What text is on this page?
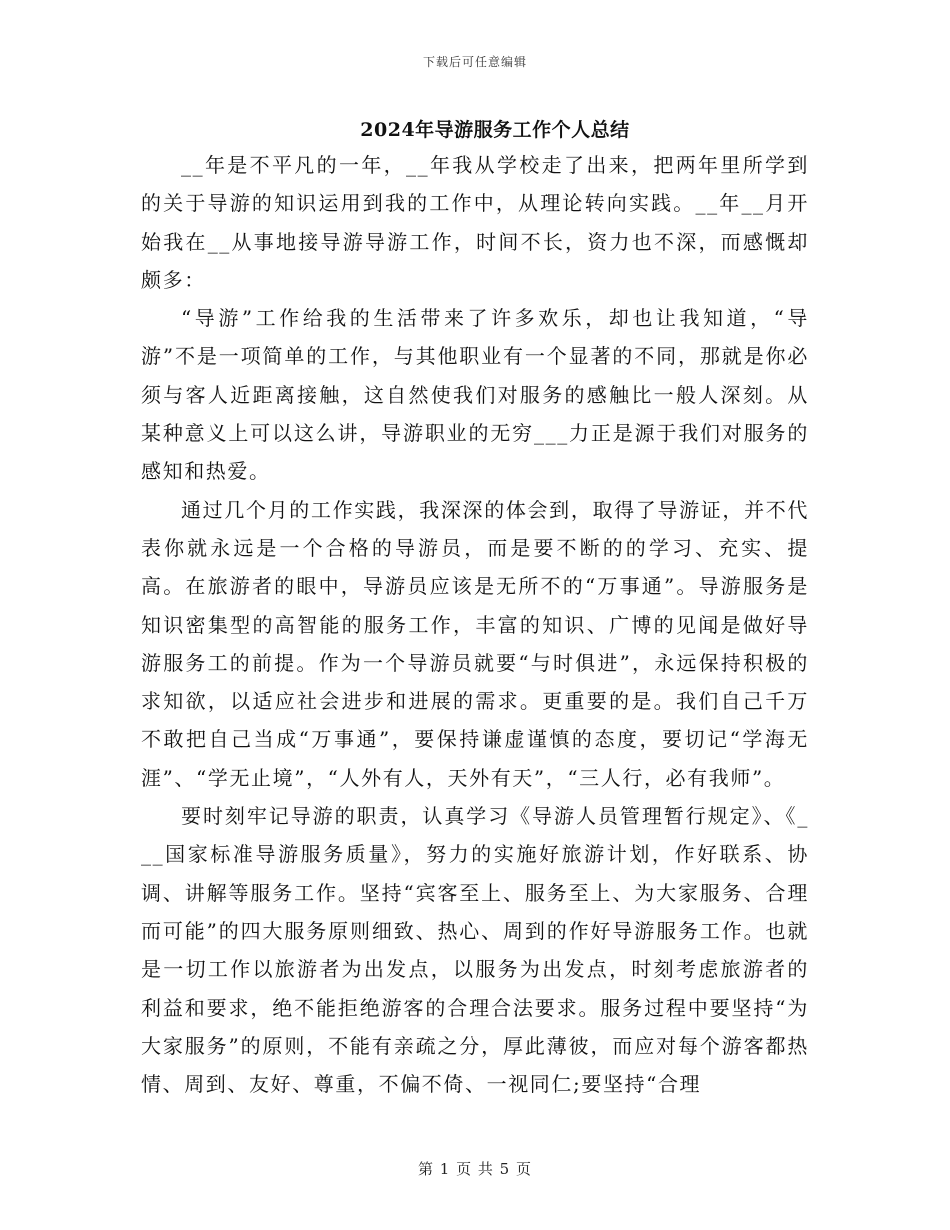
下载后可任意编辑
2024年导游服务工作个人总结

__年是不平凡的一年，__年我从学校走了出来，把两年里所学到的关于导游的知识运用到我的工作中，从理论转向实践。__年__月开始我在__从事地接导游导游工作，时间不长，资力也不深，而感慨却颇多：

“导游”工作给我的生活带来了许多欢乐，却也让我知道，“导游”不是一项简单的工作，与其他职业有一个显著的不同，那就是你必须与客人近距离接触，这自然使我们对服务的感触比一般人深刻。从某种意义上可以这么讲，导游职业的无穷___力正是源于我们对服务的感知和热爱。

通过几个月的工作实践，我深深的体会到，取得了导游证，并不代表你就永远是一个合格的导游员，而是要不断的的学习、充实、提高。在旅游者的眼中，导游员应该是无所不的“万事通”。导游服务是知识密集型的高智能的服务工作，丰富的知识、广博的见闻是做好导游服务工的前提。作为一个导游员就要“与时俱进”，永远保持积极的求知欲，以适应社会进步和进展的需求。更重要的是。我们自己千万不敢把自己当成“万事通”，要保持谦虚谨慎的态度，要切记“学海无涯”、“学无止境”，“人外有人，天外有天”，“三人行，必有我师”。

要时刻牢记导游的职责，认真学习《导游人员管理暂行规定》、《___国家标准导游服务质量》，努力的实施好旅游计划，作好联系、协调、讲解等服务工作。坚持“宾客至上、服务至上、为大家服务、合理而可能”的四大服务原则细致、热心、周到的作好导游服务工作。也就是一切工作以旅游者为出发点，以服务为出发点，时刻考虑旅游者的利益和要求，绝不能拒绝游客的合理合法要求。服务过程中要坚持“为大家服务”的原则，不能有亲疏之分，厚此薄彼，而应对每个游客都热情、周到、友好、尊重，不偏不倚、一视同仁;要坚持“合理

第 1 页 共 5 页
